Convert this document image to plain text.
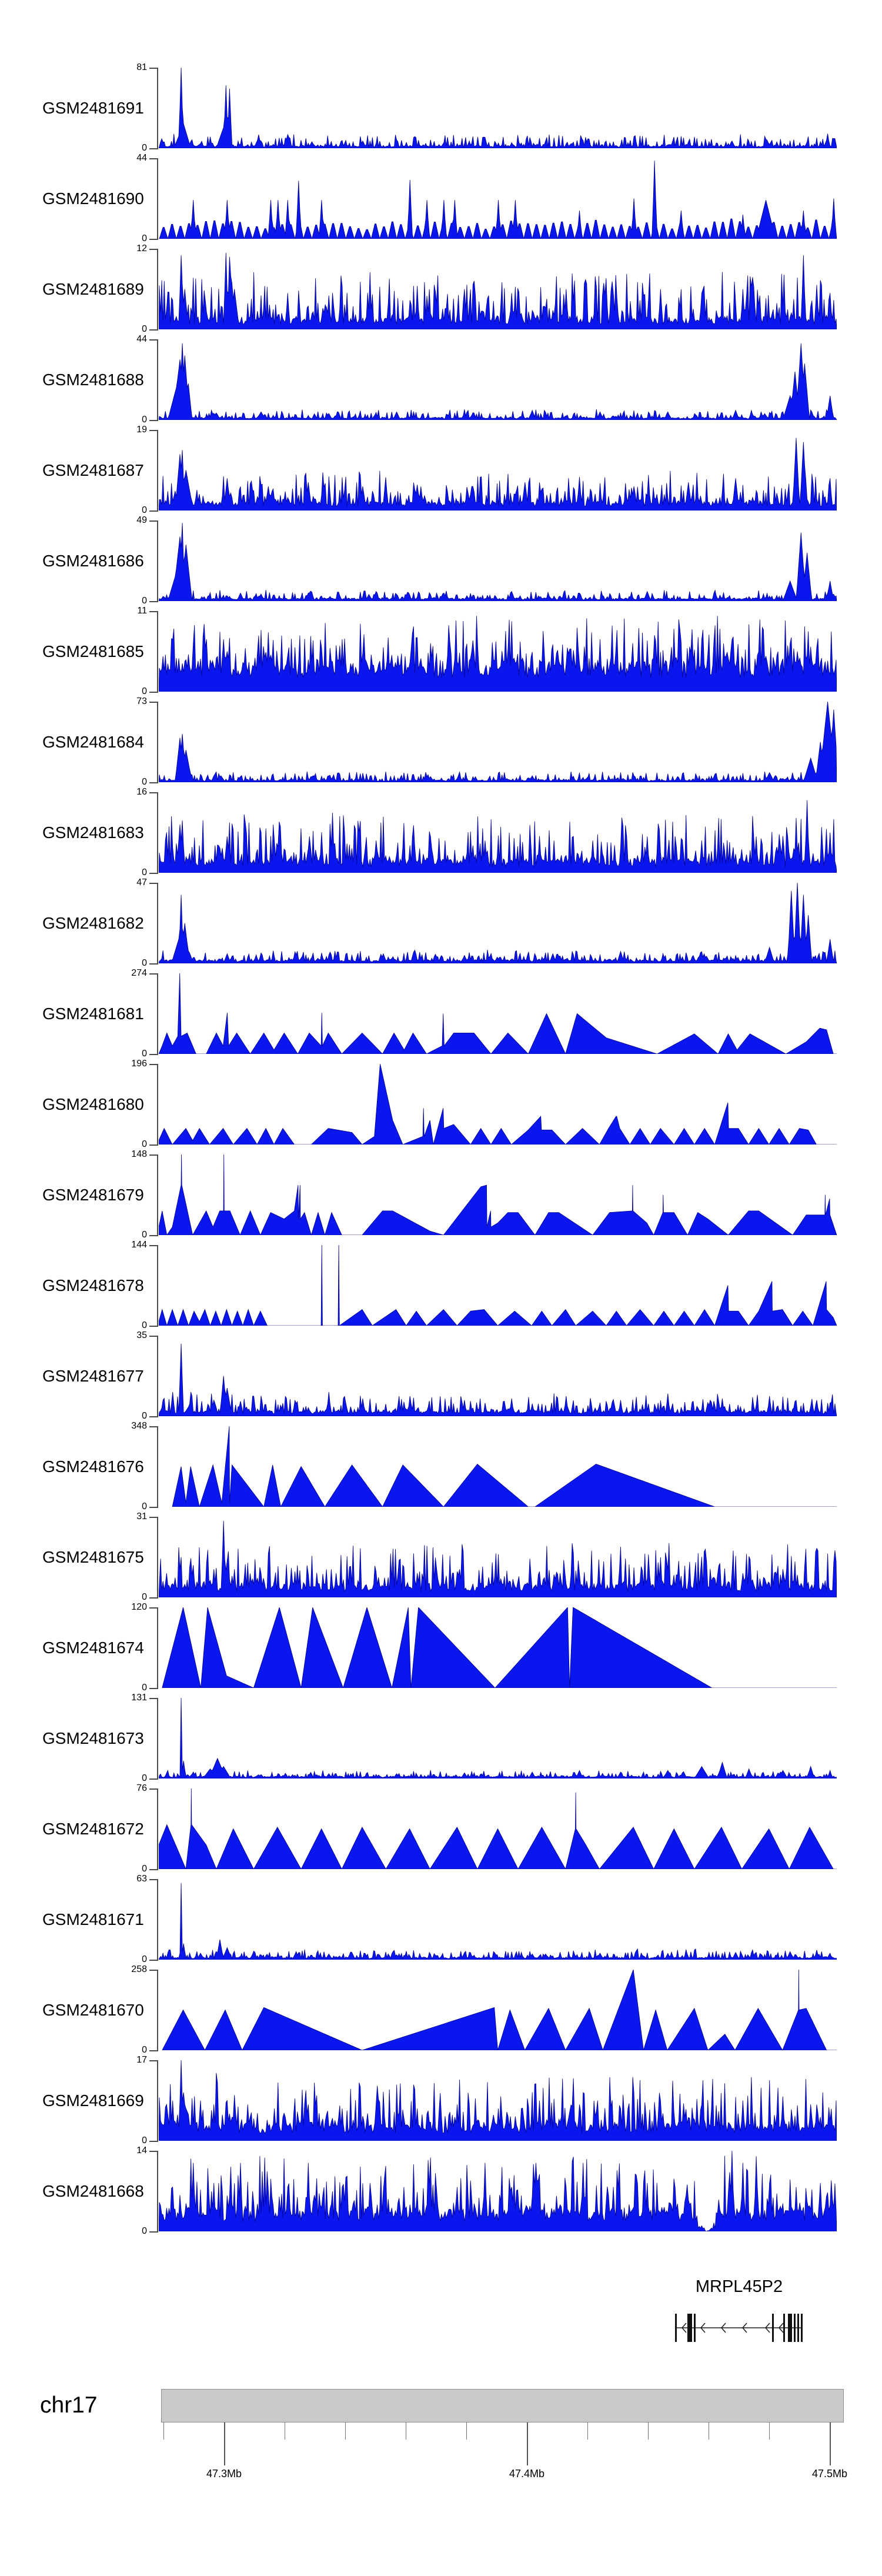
GSM2481691
81
0
GSM2481690
44
0
GSM2481689
12
0
GSM2481688
44
0
GSM2481687
19
0
GSM2481686
49
0
GSM2481685
11
0
GSM2481684
73
0
GSM2481683
16
0
GSM2481682
47
0
GSM2481681
274
0
GSM2481680
196
0
GSM2481679
148
0
GSM2481678
144
0
GSM2481677
35
0
GSM2481676
348
0
GSM2481675
31
0
GSM2481674
120
0
GSM2481673
131
0
GSM2481672
76
0
GSM2481671
63
0
GSM2481670
258
0
GSM2481669
17
0
GSM2481668
14
0
MRPL45P2
chr17
47.3Mb	47.4Mb	47.5Mb
